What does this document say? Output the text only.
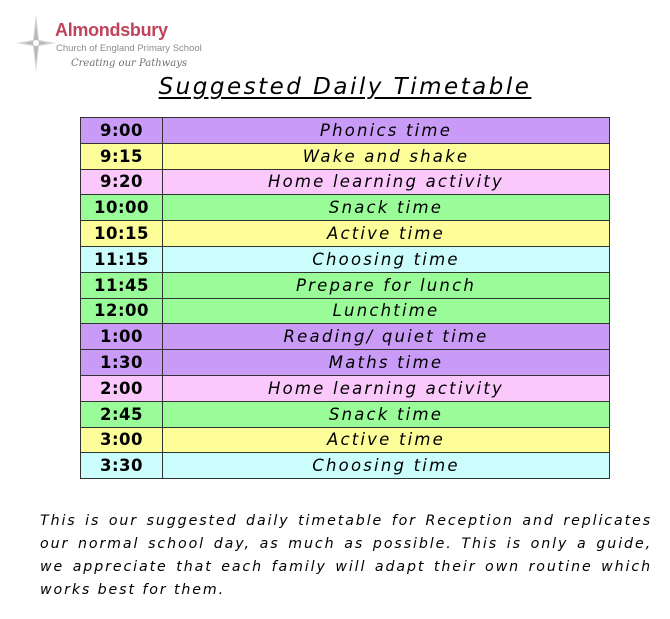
Almondsbury
Church of England Primary School
Creating our Pathways
Suggested Daily Timetable
9:00	Phonics time
9:15	Wake and shake
9:20	Home learning activity
10:00	Snack time
10:15	Active time
11:15	Choosing time
11:45	Prepare for lunch
12:00	Lunchtime
1:00	Reading/ quiet time
1:30	Maths time
2:00	Home learning activity
2:45	Snack time
3:00	Active time
3:30	Choosing time
This is our suggested daily timetable for Reception and replicates our normal school day, as much as possible. This is only a guide, we appreciate that each family will adapt their own routine which works best for them.
